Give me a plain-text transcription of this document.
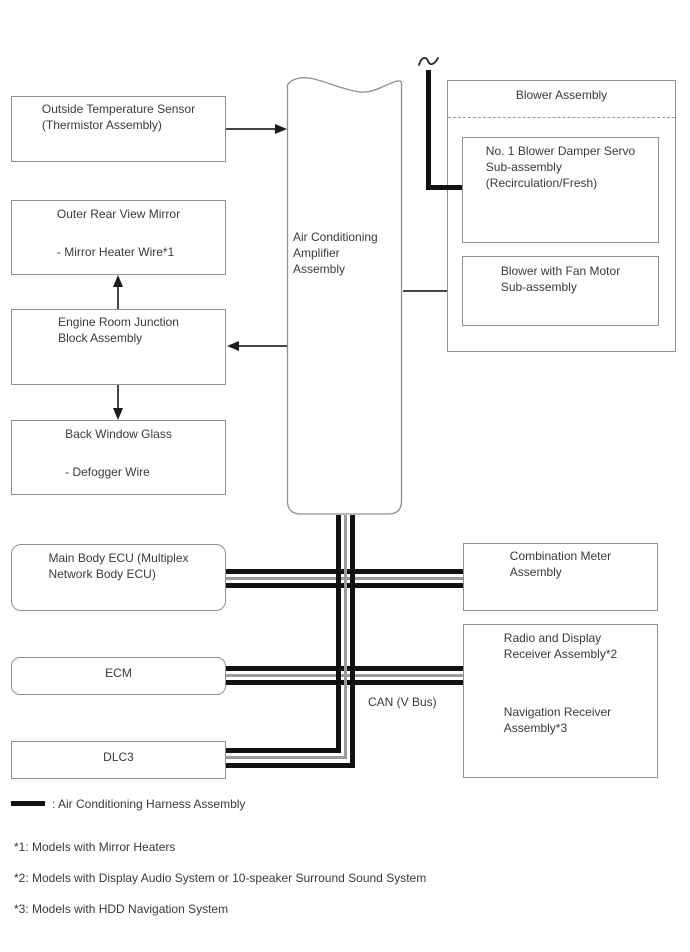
Outside Temperature Sensor
(Thermistor Assembly)
Outer Rear View Mirror
- Mirror Heater Wire*1
Engine Room Junction
Block Assembly
Back Window Glass
- Defogger Wire
Main Body ECU (Multiplex
Network Body ECU)
ECM
DLC3
Blower Assembly
No. 1 Blower Damper Servo
Sub-assembly
(Recirculation/Fresh)
Blower with Fan Motor
Sub-assembly
Combination Meter
Assembly
Radio and Display
Receiver Assembly*2
Navigation Receiver
Assembly*3
Air Conditioning
Amplifier
Assembly
CAN (V Bus)
: Air Conditioning Harness Assembly
*1: Models with Mirror Heaters
*2: Models with Display Audio System or 10-speaker Surround Sound System
*3: Models with HDD Navigation System
